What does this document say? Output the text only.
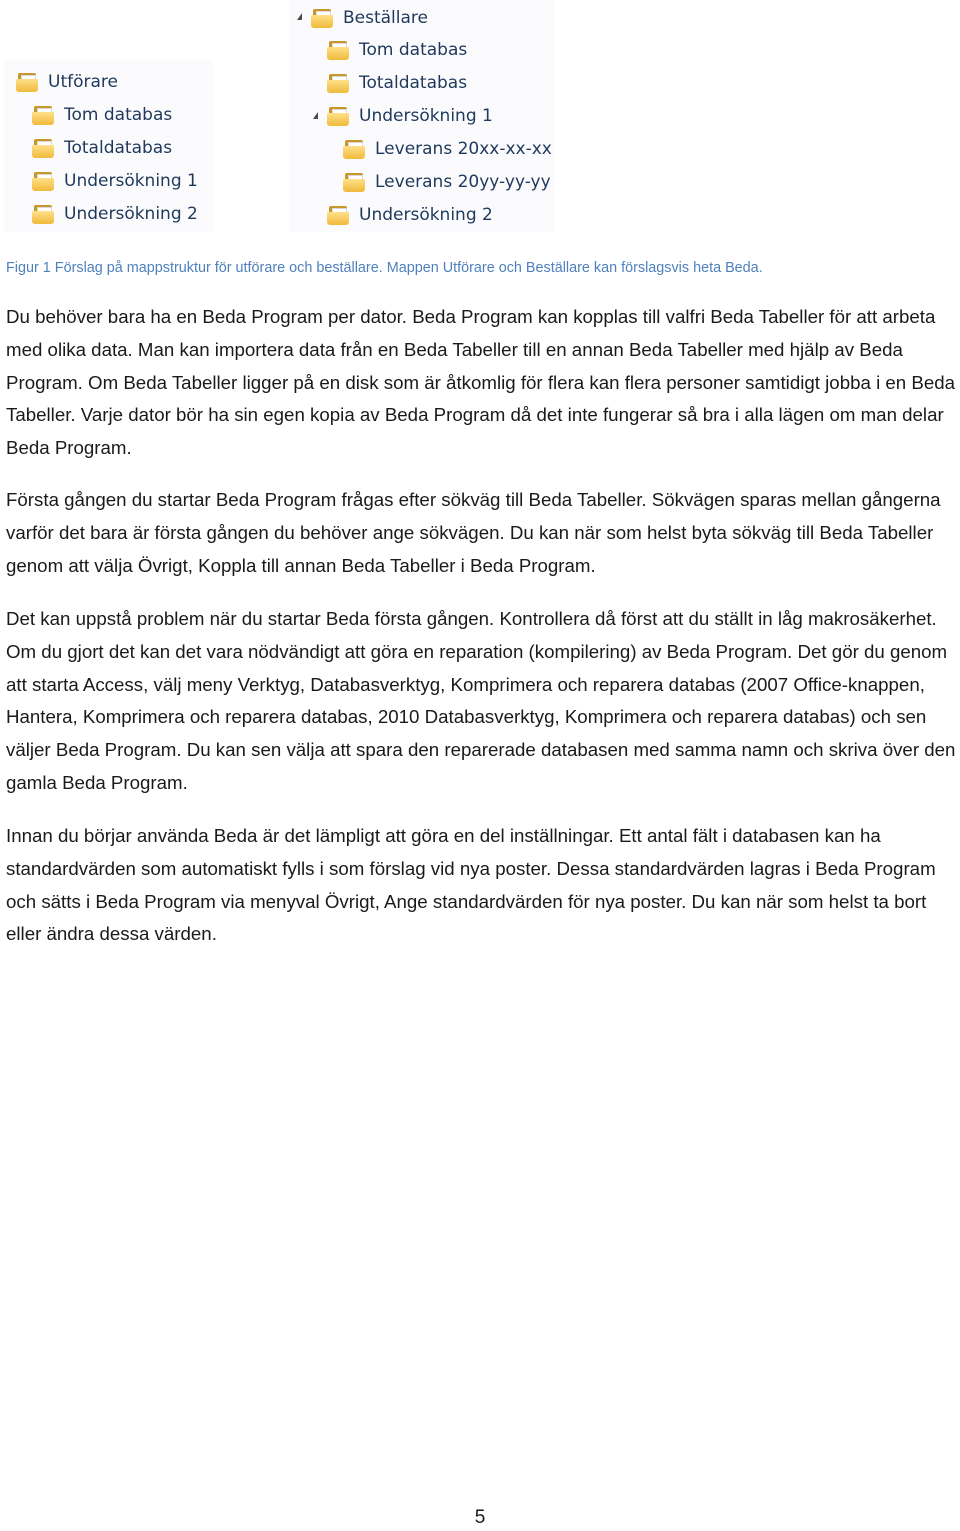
Utförare
Tom databas
Totaldatabas
Undersökning 1
Undersökning 2
Beställare
Tom databas
Totaldatabas
Undersökning 1
Leverans 20xx-xx-xx
Leverans 20yy-yy-yy
Undersökning 2
Figur 1 Förslag på mappstruktur för utförare och beställare. Mappen Utförare och Beställare kan förslagsvis heta Beda.

Du behöver bara ha en Beda Program per dator. Beda Program kan kopplas till valfri Beda Tabeller för att arbeta med olika data. Man kan importera data från en Beda Tabeller till en annan Beda Tabeller med hjälp av Beda Program. Om Beda Tabeller ligger på en disk som är åtkomlig för flera kan flera personer samtidigt jobba i en Beda Tabeller. Varje dator bör ha sin egen kopia av Beda Program då det inte fungerar så bra i alla lägen om man delar Beda Program.

Första gången du startar Beda Program frågas efter sökväg till Beda Tabeller. Sökvägen sparas mellan gångerna varför det bara är första gången du behöver ange sökvägen. Du kan när som helst byta sökväg till Beda Tabeller genom att välja Övrigt, Koppla till annan Beda Tabeller i Beda Program.

Det kan uppstå problem när du startar Beda första gången. Kontrollera då först att du ställt in låg makrosäkerhet. Om du gjort det kan det vara nödvändigt att göra en reparation (kompilering) av Beda Program. Det gör du genom att starta Access, välj meny Verktyg, Databasverktyg, Komprimera och reparera databas (2007 Office-knappen, Hantera, Komprimera och reparera databas, 2010 Databasverktyg, Komprimera och reparera databas) och sen väljer Beda Program. Du kan sen välja att spara den reparerade databasen med samma namn och skriva över den gamla Beda Program.

Innan du börjar använda Beda är det lämpligt att göra en del inställningar. Ett antal fält i databasen kan ha standardvärden som automatiskt fylls i som förslag vid nya poster. Dessa standardvärden lagras i Beda Program och sätts i Beda Program via menyval Övrigt, Ange standardvärden för nya poster. Du kan när som helst ta bort eller ändra dessa värden.

5
